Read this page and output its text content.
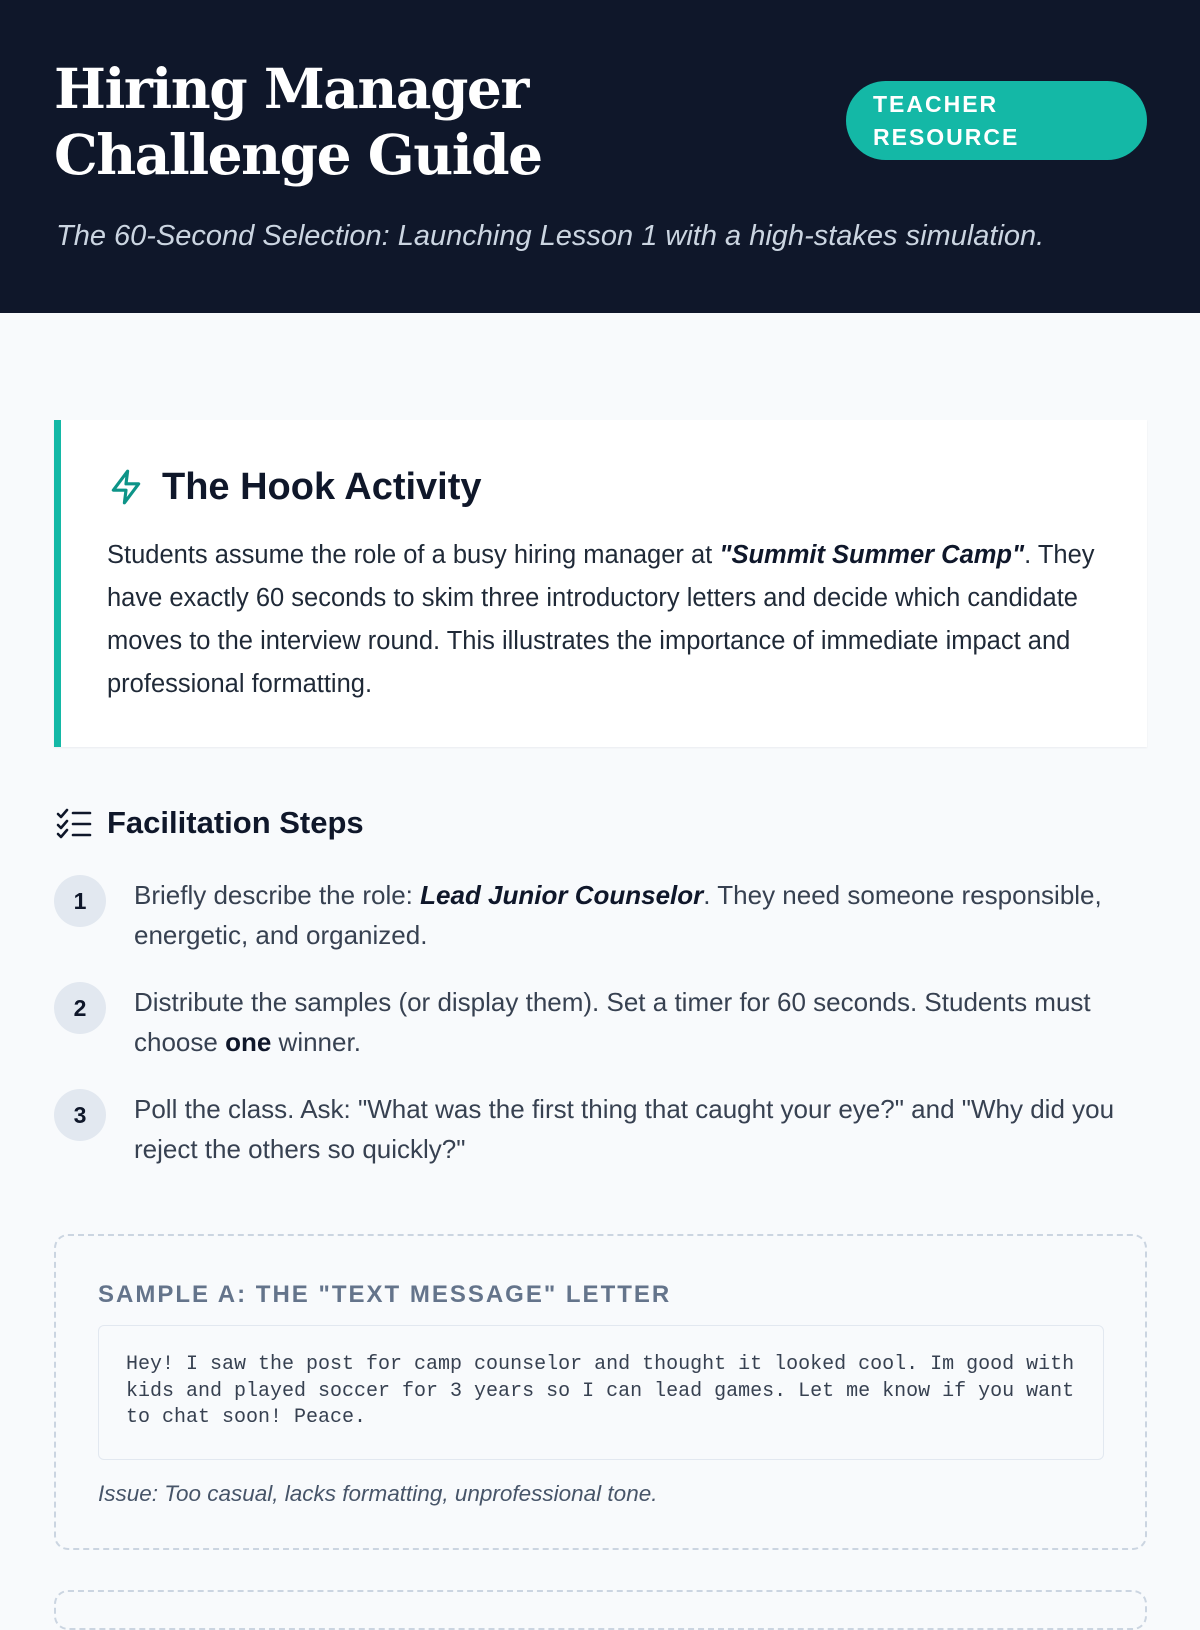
Hiring Manager Challenge Guide
TEACHER RESOURCE

The 60-Second Selection: Launching Lesson 1 with a high-stakes simulation.

The Hook Activity

Students assume the role of a busy hiring manager at "Summit Summer Camp". They have exactly 60 seconds to skim three introductory letters and decide which candidate moves to the interview round. This illustrates the importance of immediate impact and professional formatting.

Facilitation Steps
1	Briefly describe the role: Lead Junior Counselor. They need someone responsible, energetic, and organized.

2	Distribute the samples (or display them). Set a timer for 60 seconds. Students must choose one winner.

3	Poll the class. Ask: "What was the first thing that caught your eye?" and "Why did you reject the others so quickly?"

SAMPLE A: THE "TEXT MESSAGE" LETTER
Hey! I saw the post for camp counselor and thought it looked cool. Im good with kids and played soccer for 3 years so I can lead games. Let me know if you want to chat soon! Peace.

Issue: Too casual, lacks formatting, unprofessional tone.
